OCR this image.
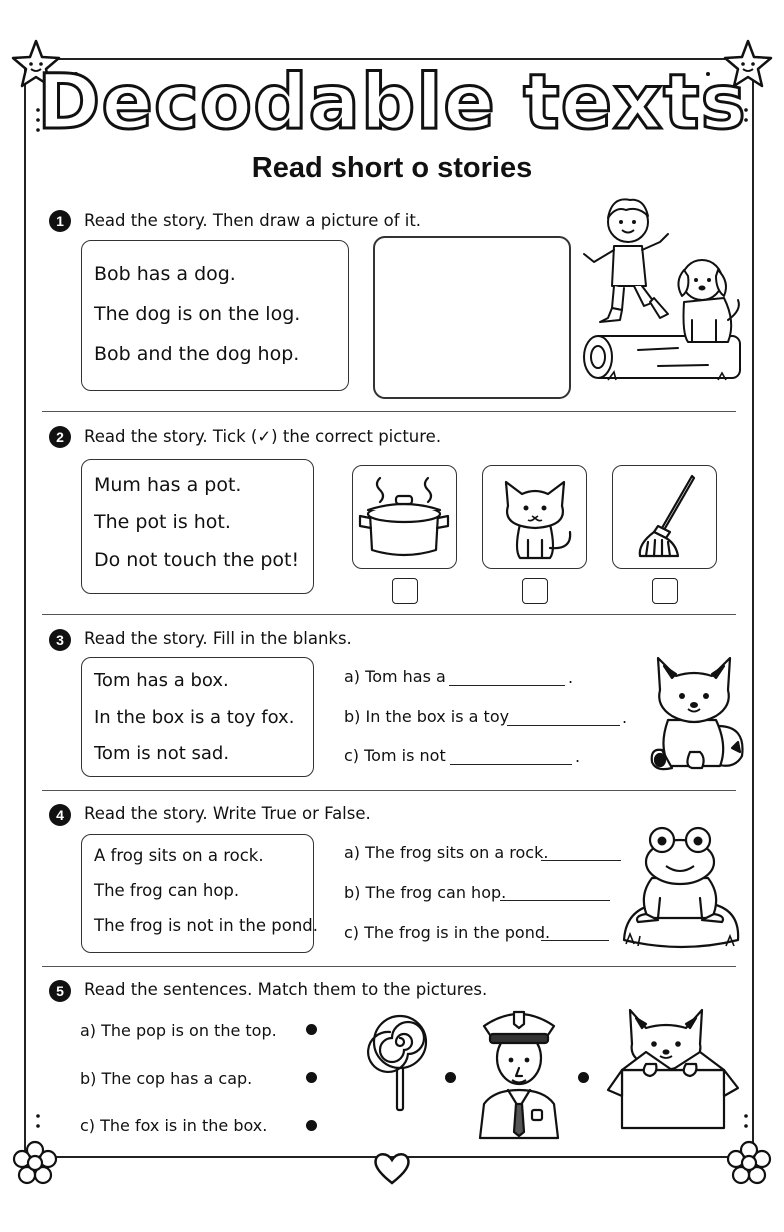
Decodable texts
Read short o stories
1	Read the story. Then draw a picture of it.
Bob has a dog.
The dog is on the log.
Bob and the dog hop.
2	Read the story. Tick (✓) the correct picture.
Mum has a pot.
The pot is hot.
Do not touch the pot!
3	Read the story. Fill in the blanks.
Tom has a box.
In the box is a toy fox.
Tom is not sad.
a) Tom has a	.
b) In the box is a toy	.
c) Tom is not	.
4	Read the story. Write True or False.
A frog sits on a rock.
The frog can hop.
The frog is not in the pond.
a) The frog sits on a rock.
b) The frog can hop.
c) The frog is in the pond.
5	Read the sentences. Match them to the pictures.
a) The pop is on the top.
b) The cop has a cap.
c) The fox is in the box.
